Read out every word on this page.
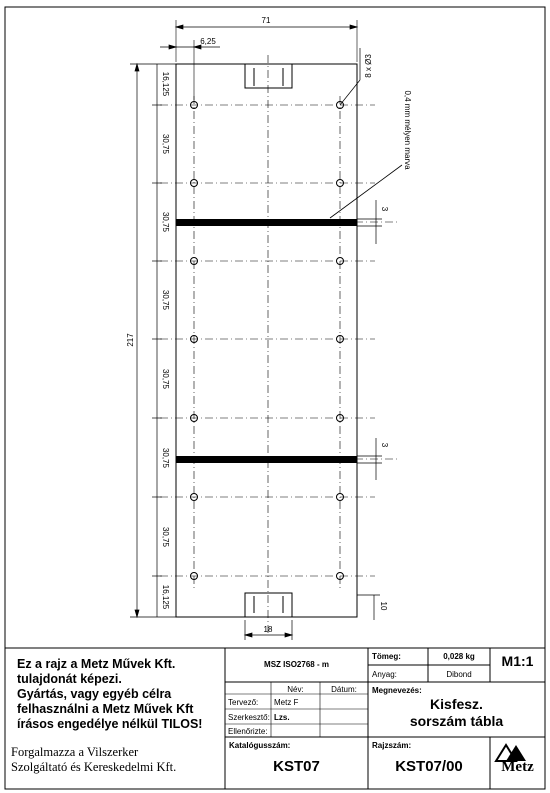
71
6,25
8 x Ø3
0,4 mm mélyen marva
217
16,125
30,75
30,75
30,75
30,75
30,75
30,75
16,125
3
3
10
18
Ez a rajz a Metz Művek Kft.
tulajdonát képezi.
Gyártás, vagy egyéb célra
felhasználni a Metz Művek Kft
írásos engedélye nélkül TILOS!
Forgalmazza a Vilszerker
Szolgáltató és Kereskedelmi Kft.
MSZ ISO2768 - m
Tömeg:	0,028 kg
Anyag:	Dibond
M1:1
Név:	Dátum:
Tervező: Metz F
Szerkesztő: Lzs.
Ellenőrizte:
Megnevezés:
Kisfesz.
sorszám tábla
Katalógusszám:
KST07
Rajzszám:
KST07/00	Metz
